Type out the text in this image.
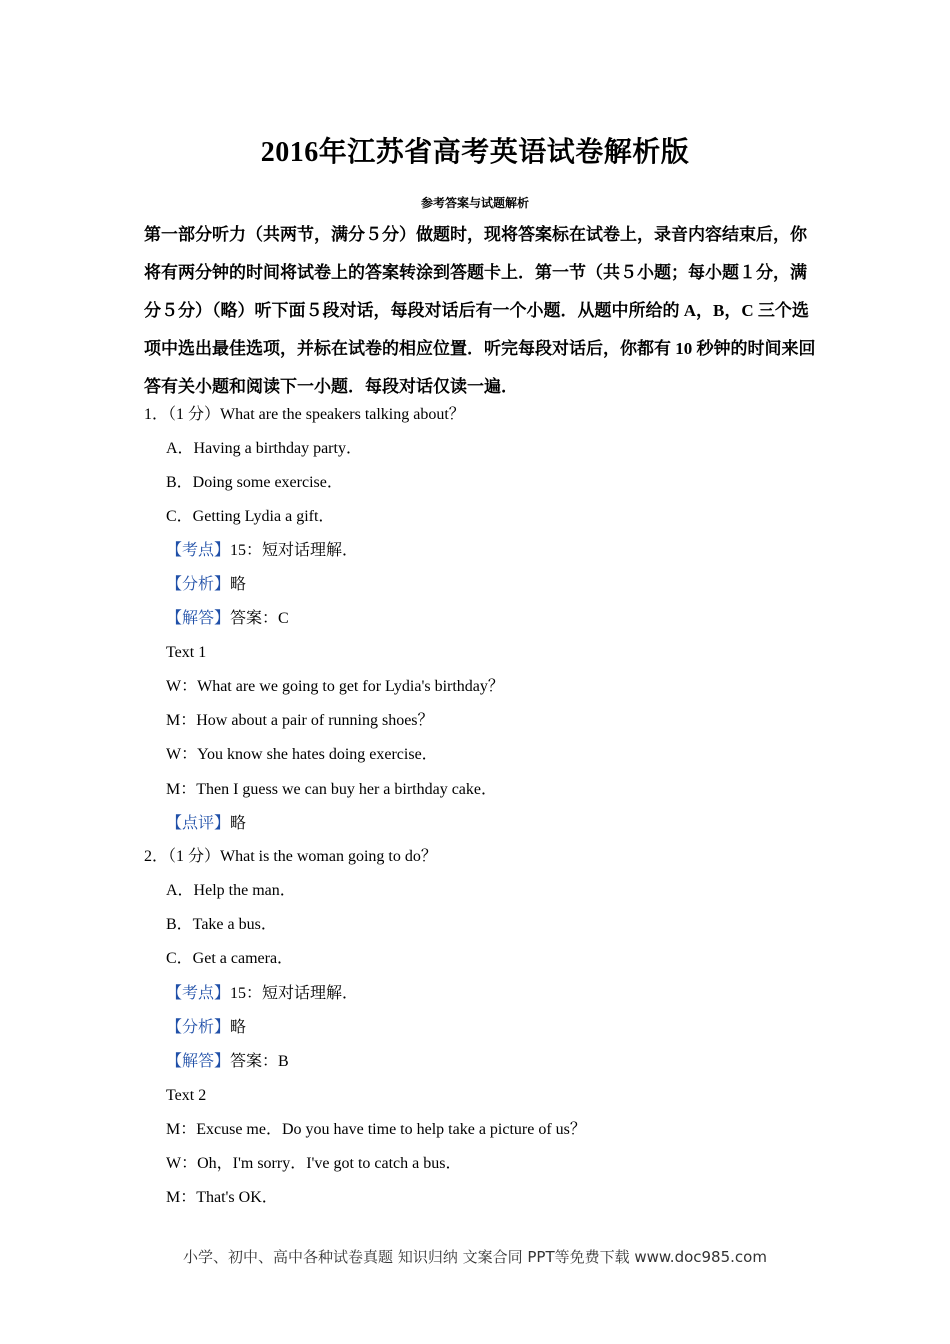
2016年江苏省高考英语试卷解析版
参考答案与试题解析
第一部分听力（共两节，满分５分）做题时，现将答案标在试卷上，录音内容结束后，你
将有两分钟的时间将试卷上的答案转涂到答题卡上．第一节（共５小题；每小题１分，满
分５分）（略）听下面５段对话，每段对话后有一个小题．从题中所给的 A，B，C 三个选
项中选出最佳选项，并标在试卷的相应位置．听完每段对话后，你都有 10 秒钟的时间来回
答有关小题和阅读下一小题．每段对话仅读一遍．
1．（1 分）What are the speakers talking about？
A．Having a birthday party．
B．Doing some exercise．
C．Getting Lydia a gift．
【考点】15：短对话理解．
【分析】略
【解答】答案：C
Text 1
W：What are we going to get for Lydia's birthday？
M：How about a pair of running shoes？
W：You know she hates doing exercise．
M：Then I guess we can buy her a birthday cake．
【点评】略
2．（1 分）What is the woman going to do？
A．Help the man．
B．Take a bus．
C．Get a camera．
【考点】15：短对话理解．
【分析】略
【解答】答案：B
Text 2
M：Excuse me．Do you have time to help take a picture of us？
W：Oh，I'm sorry．I've got to catch a bus．
M：That's OK．
小学、初中、高中各种试卷真题 知识归纳 文案合同 PPT等免费下载 www.doc985.com
